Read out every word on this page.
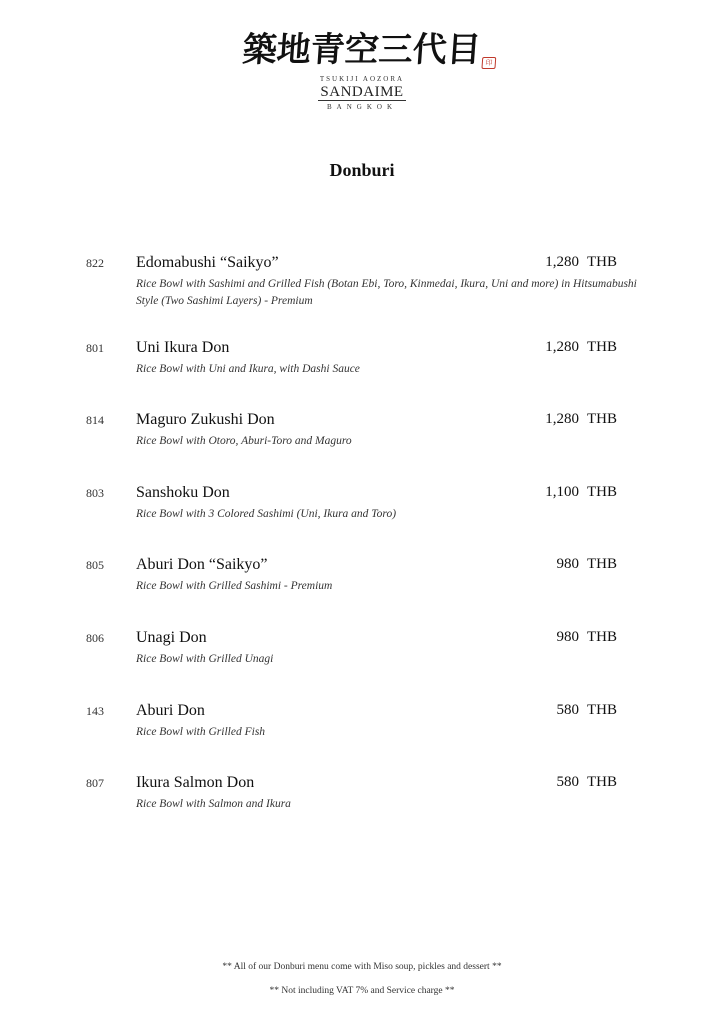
築地青空三代目 印
TSUKIJI AOZORA
SANDAIME
BANGKOK
Donburi
822 Edomabushi “Saikyo”	1,280 THB
Rice Bowl with Sashimi and Grilled Fish (Botan Ebi, Toro, Kinmedai, Ikura, Uni and more) in Hitsumabushi Style (Two Sashimi Layers) - Premium
801 Uni Ikura Don	1,280 THB
Rice Bowl with Uni and Ikura, with Dashi Sauce
814 Maguro Zukushi Don	1,280 THB
Rice Bowl with Otoro, Aburi-Toro and Maguro
803 Sanshoku Don	1,100 THB
Rice Bowl with 3 Colored Sashimi (Uni, Ikura and Toro)
805 Aburi Don “Saikyo”	980 THB
Rice Bowl with Grilled Sashimi - Premium
806 Unagi Don	980 THB
Rice Bowl with Grilled Unagi
143 Aburi Don	580 THB
Rice Bowl with Grilled Fish
807 Ikura Salmon Don	580 THB
Rice Bowl with Salmon and Ikura
** All of our Donburi menu come with Miso soup, pickles and dessert **
** Not including VAT 7% and Service charge **
